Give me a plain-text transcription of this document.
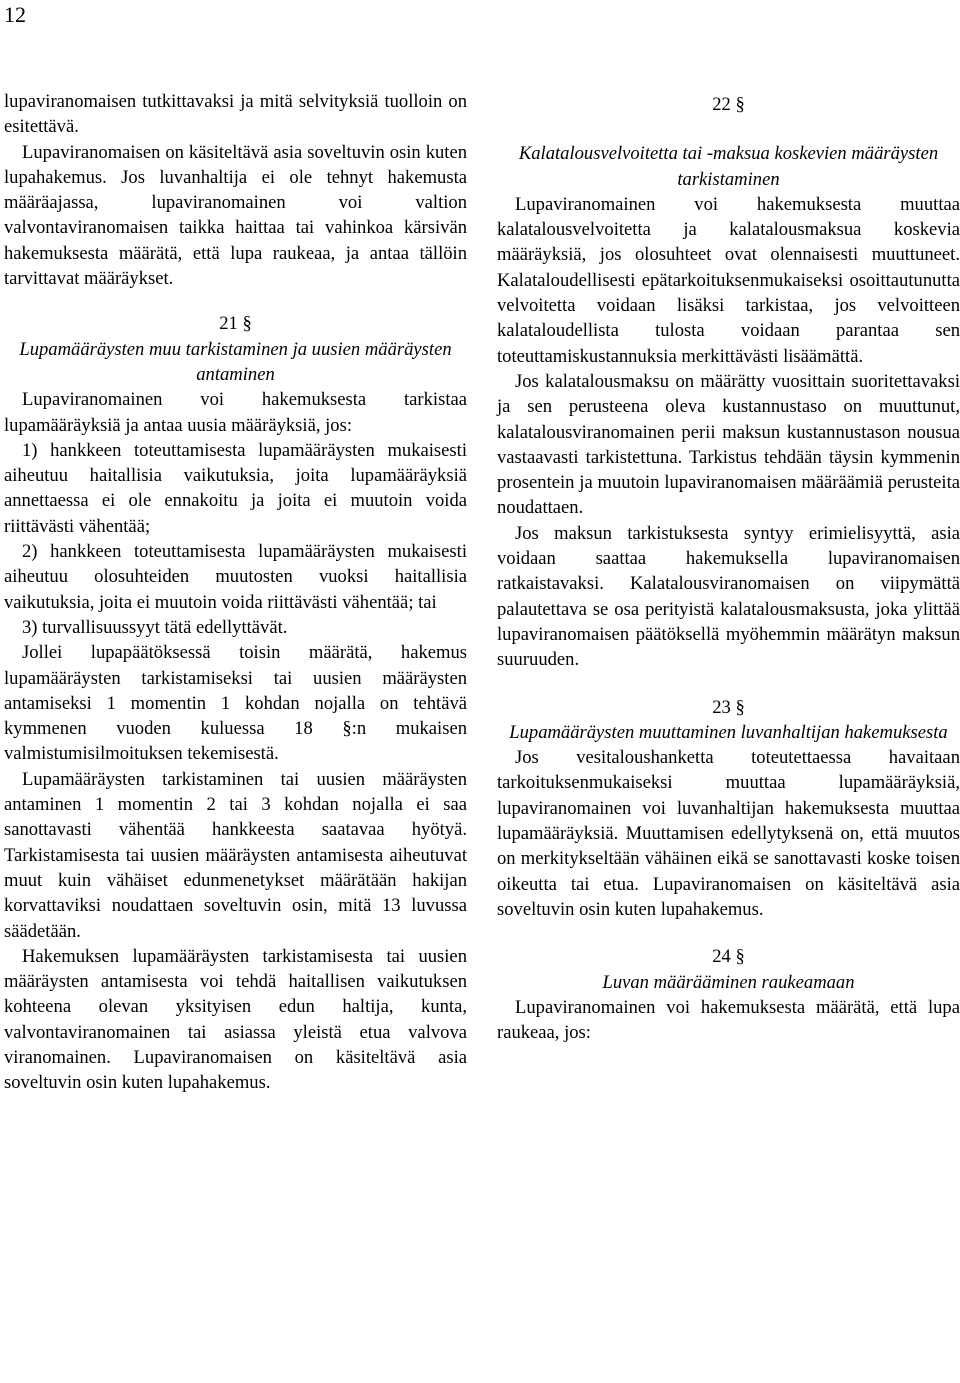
12

lupaviranomaisen tutkittavaksi ja mitä selvityksiä tuolloin on esitettävä.

Lupaviranomaisen on käsiteltävä asia soveltuvin osin kuten lupahakemus. Jos luvanhaltija ei ole tehnyt hakemusta määräajassa, lupaviranomainen voi valtion valvontaviranomaisen taikka haittaa tai vahinkoa kärsivän hakemuksesta määrätä, että lupa raukeaa, ja antaa tällöin tarvittavat määräykset.

21 §

Lupamääräysten muu tarkistaminen ja uusien määräysten antaminen

Lupaviranomainen voi hakemuksesta tarkistaa lupamääräyksiä ja antaa uusia määräyksiä, jos:

1) hankkeen toteuttamisesta lupamääräysten mukaisesti aiheutuu haitallisia vaikutuksia, joita lupamääräyksiä annettaessa ei ole ennakoitu ja joita ei muutoin voida riittävästi vähentää;

2) hankkeen toteuttamisesta lupamääräysten mukaisesti aiheutuu olosuhteiden muutosten vuoksi haitallisia vaikutuksia, joita ei muutoin voida riittävästi vähentää; tai

3) turvallisuussyyt tätä edellyttävät.

Jollei lupapäätöksessä toisin määrätä, hakemus lupamääräysten tarkistamiseksi tai uusien määräysten antamiseksi 1 momentin 1 kohdan nojalla on tehtävä kymmenen vuoden kuluessa 18 §:n mukaisen valmistumisilmoituksen tekemisestä.

Lupamääräysten tarkistaminen tai uusien määräysten antaminen 1 momentin 2 tai 3 kohdan nojalla ei saa sanottavasti vähentää hankkeesta saatavaa hyötyä. Tarkistamisesta tai uusien määräysten antamisesta aiheutuvat muut kuin vähäiset edunmenetykset määrätään hakijan korvattaviksi noudattaen soveltuvin osin, mitä 13 luvussa säädetään.

Hakemuksen lupamääräysten tarkistamisesta tai uusien määräysten antamisesta voi tehdä haitallisen vaikutuksen kohteena olevan yksityisen edun haltija, kunta, valvontaviranomainen tai asiassa yleistä etua valvova viranomainen. Lupaviranomaisen on käsiteltävä asia soveltuvin osin kuten lupahakemus.

22 §

Kalatalousvelvoitetta tai -maksua koskevien määräysten tarkistaminen

Lupaviranomainen voi hakemuksesta muuttaa kalatalousvelvoitetta ja kalatalousmaksua koskevia määräyksiä, jos olosuhteet ovat olennaisesti muuttuneet. Kalataloudellisesti epätarkoituksenmukaiseksi osoittautunutta velvoitetta voidaan lisäksi tarkistaa, jos velvoitteen kalataloudellista tulosta voidaan parantaa sen toteuttamiskustannuksia merkittävästi lisäämättä.

Jos kalatalousmaksu on määrätty vuosittain suoritettavaksi ja sen perusteena oleva kustannustaso on muuttunut, kalatalousviranomainen perii maksun kustannustason nousua vastaavasti tarkistettuna. Tarkistus tehdään täysin kymmenin prosentein ja muutoin lupaviranomaisen määräämiä perusteita noudattaen.

Jos maksun tarkistuksesta syntyy erimielisyyttä, asia voidaan saattaa hakemuksella lupaviranomaisen ratkaistavaksi. Kalatalousviranomaisen on viipymättä palautettava se osa perityistä kalatalousmaksusta, joka ylittää lupaviranomaisen päätöksellä myöhemmin määrätyn maksun suuruuden.

23 §

Lupamääräysten muuttaminen luvanhaltijan hakemuksesta

Jos vesitaloushanketta toteutettaessa havaitaan tarkoituksenmukaiseksi muuttaa lupamääräyksiä, lupaviranomainen voi luvanhaltijan hakemuksesta muuttaa lupamääräyksiä. Muuttamisen edellytyksenä on, että muutos on merkitykseltään vähäinen eikä se sanottavasti koske toisen oikeutta tai etua. Lupaviranomaisen on käsiteltävä asia soveltuvin osin kuten lupahakemus.

24 §

Luvan määrääminen raukeamaan

Lupaviranomainen voi hakemuksesta määrätä, että lupa raukeaa, jos:
